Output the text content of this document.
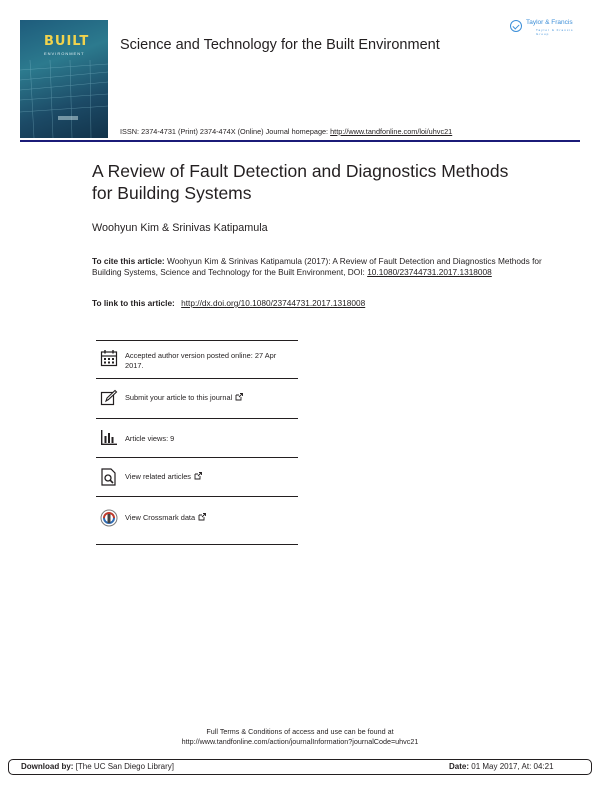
BUILT
ENVIRONMENT
Science and Technology for the Built Environment
Taylor & Francis
Taylor & Francis Group
ISSN: 2374-4731 (Print) 2374-474X (Online) Journal homepage: http://www.tandfonline.com/loi/uhvc21
A Review of Fault Detection and Diagnostics Methods for Building Systems
Woohyun Kim & Srinivas Katipamula
To cite this article: Woohyun Kim & Srinivas Katipamula (2017): A Review of Fault Detection and Diagnostics Methods for Building Systems, Science and Technology for the Built Environment, DOI: 10.1080/23744731.2017.1318008
To link to this article: http://dx.doi.org/10.1080/23744731.2017.1318008
Accepted author version posted online: 27 Apr 2017.
Submit your article to this journal
Article views: 9
View related articles
View Crossmark data
Full Terms & Conditions of access and use can be found at
http://www.tandfonline.com/action/journalInformation?journalCode=uhvc21
Download by: [The UC San Diego Library]	Date: 01 May 2017, At: 04:21
